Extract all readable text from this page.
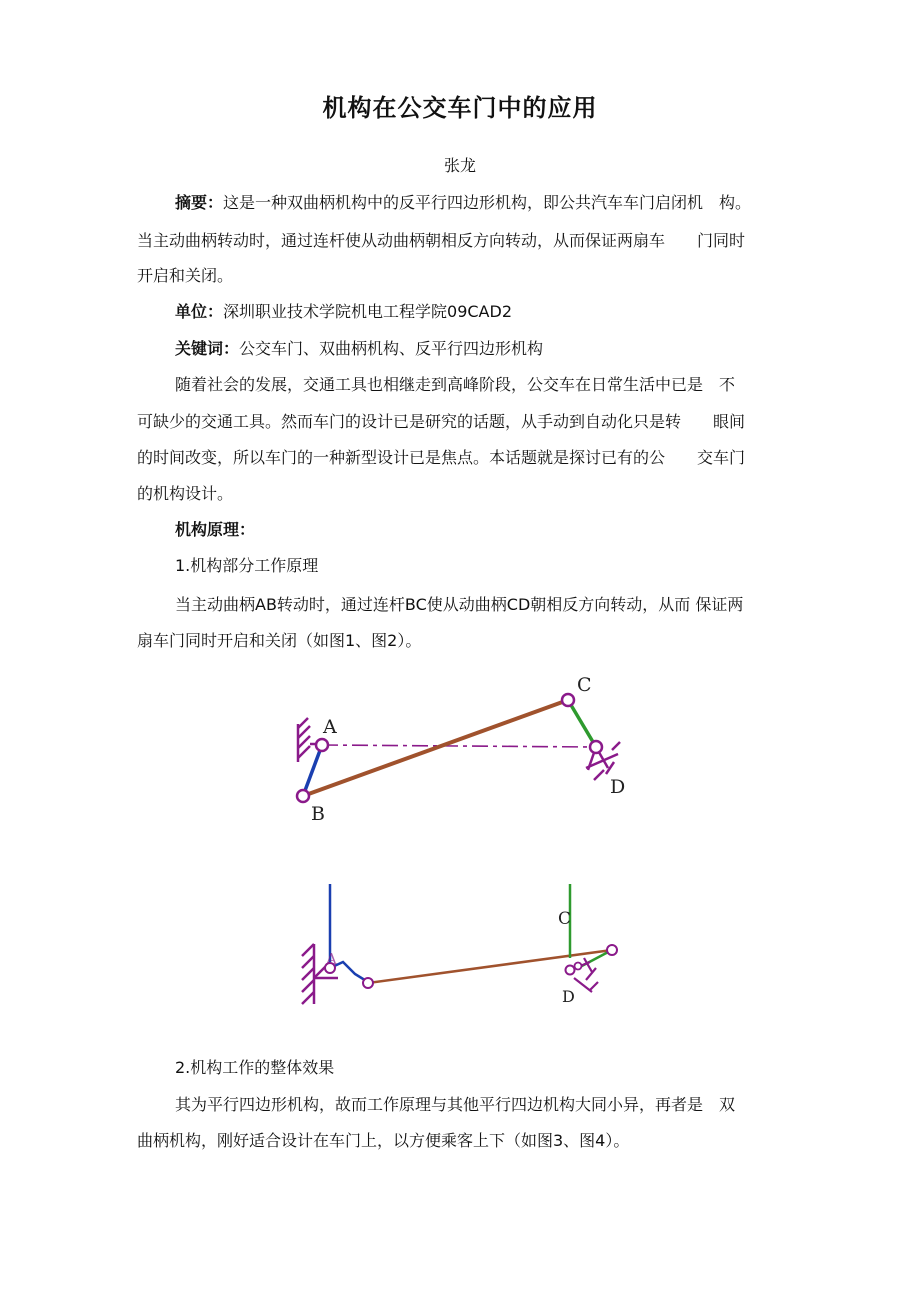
机构在公交车门中的应用
张龙
摘要：这是一种双曲柄机构中的反平行四边形机构，即公共汽车车门启闭机　构。
当主动曲柄转动时，通过连杆使从动曲柄朝相反方向转动，从而保证两扇车　　门同时
开启和关闭。
单位：深圳职业技术学院机电工程学院09CAD2
关键词：公交车门、双曲柄机构、反平行四边形机构
随着社会的发展，交通工具也相继走到高峰阶段，公交车在日常生活中已是　不
可缺少的交通工具。然而车门的设计已是研究的话题，从手动到自动化只是转　　眼间
的时间改变，所以车门的一种新型设计已是焦点。本话题就是探讨已有的公　　交车门
的机构设计。
机构原理：
1.机构部分工作原理
当主动曲柄AB转动时，通过连杆BC使从动曲柄CD朝相反方向转动，从而 保证两
扇车门同时开启和关闭（如图1、图2）。
A
B
C
D
A
C
D
2.机构工作的整体效果
其为平行四边形机构，故而工作原理与其他平行四边机构大同小异，再者是　双
曲柄机构，刚好适合设计在车门上，以方便乘客上下（如图3、图4）。
